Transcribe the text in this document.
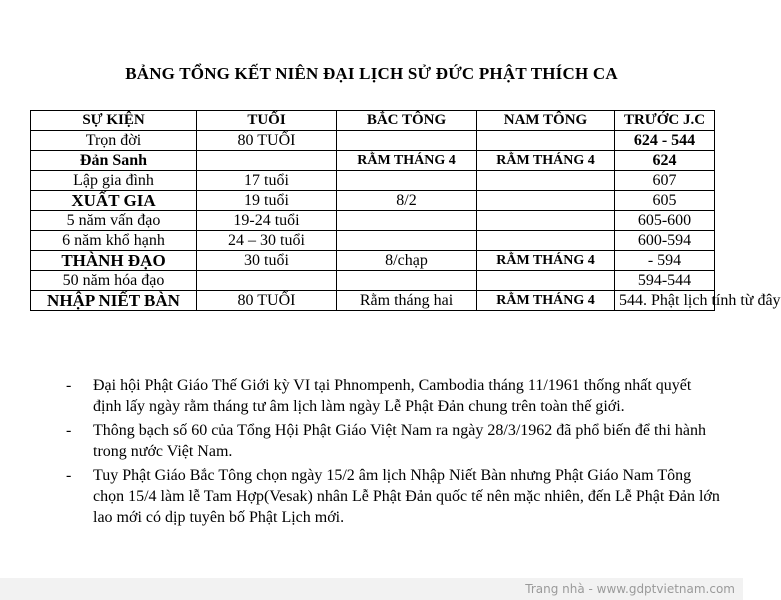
BẢNG TỔNG KẾT NIÊN ĐẠI LỊCH SỬ ĐỨC PHẬT THÍCH CA
SỰ KIỆN	TUỔI	BẮC TÔNG	NAM TÔNG	TRƯỚC J.C
Trọn đời	80 TUỔI			624 - 544
Đản Sanh		RẰM THÁNG 4	RẰM THÁNG 4	624
Lập gia đình	17 tuổi			607
XUẤT GIA	19 tuổi	8/2		605
5 năm vấn đạo	19-24 tuổi			605-600
6 năm khổ hạnh	24 – 30 tuổi			600-594
THÀNH ĐẠO	30 tuổi	8/chạp	RẰM THÁNG 4	- 594
50 năm hóa đạo				594-544
NHẬP NIẾT BÀN	80 TUỔI	Rằm tháng hai	RẰM THÁNG 4	544. Phật lịch tính từ đây
- Đại hội Phật Giáo Thế Giới kỳ VI tại Phnompenh, Cambodia tháng 11/1961 thống nhất quyết định lấy ngày rằm tháng tư âm lịch làm ngày Lễ Phật Đản chung trên toàn thế giới.
- Thông bạch số 60 của Tổng Hội Phật Giáo Việt Nam ra ngày 28/3/1962 đã phổ biến để thi hành trong nước Việt Nam.
- Tuy Phật Giáo Bắc Tông chọn ngày 15/2 âm lịch Nhập Niết Bàn nhưng Phật Giáo Nam Tông chọn 15/4 làm lễ Tam Hợp(Vesak) nhân Lễ Phật Đản quốc tế nên mặc nhiên, đến Lễ Phật Đản lớn lao mới có dịp tuyên bố Phật Lịch mới.
Trang nhà - www.gdptvietnam.com
